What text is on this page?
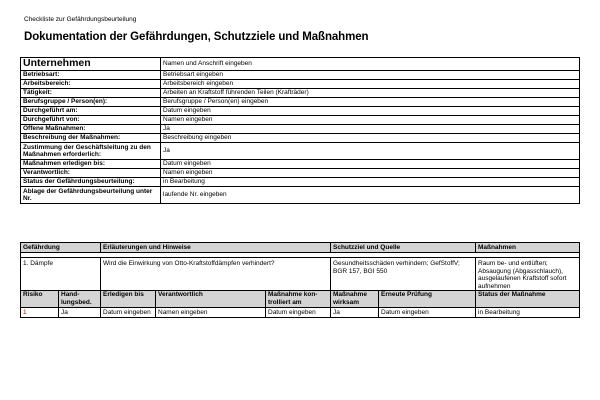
Checkliste zur Gefährdungsbeurteilung
Dokumentation der Gefährdungen, Schutzziele und Maßnahmen
Unternehmen	Namen und Anschrift eingeben
Betriebsart:	Betriebsart eingeben
Arbeitsbereich:	Arbeitsbereich eingeben
Tätigkeit:	Arbeiten an Kraftstoff führenden Teilen (Krafträder)
Berufsgruppe / Person(en):	Berufsgruppe / Person(en) eingeben
Durchgeführt am:	Datum eingeben
Durchgeführt von:	Namen eingeben
Offene Maßnahmen:	Ja
Beschreibung der Maßnahmen:	Beschreibung eingeben
Zustimmung der Geschäftsleitung zu den Maßnahmen erforderlich:	Ja
Maßnahmen erledigen bis:	Datum eingeben
Verantwortlich:	Namen eingeben
Status der Gefährdungsbeurteilung:	in Bearbeitung
Ablage der Gefährdungsbeurteilung unter Nr.	laufende Nr. eingeben
Gefährdung		Erläuterungen und Hinweise			Schutzziel und Quelle		Maßnahmen

1. Dämpfe		Wird die Einwirkung von Otto-Kraftstoffdämpfen verhindert?			Gesundheitsschäden verhindern; GefStoffV; BGR 157, BGI 550		Raum be- und entlüften; Absaugung (Abgasschlauch), ausgelaufenen Kraftstoff sofort aufnehmen
Risiko	Hand- lungsbed.	Erledigen bis	Verantwortlich	Maßnahme kon- trolliert am	Maßnahme wirksam	Erneute Prüfung	Status der Maßnahme
1	Ja	Datum eingeben	Namen eingeben	Datum eingeben	Ja	Datum eingeben	in Bearbeitung
